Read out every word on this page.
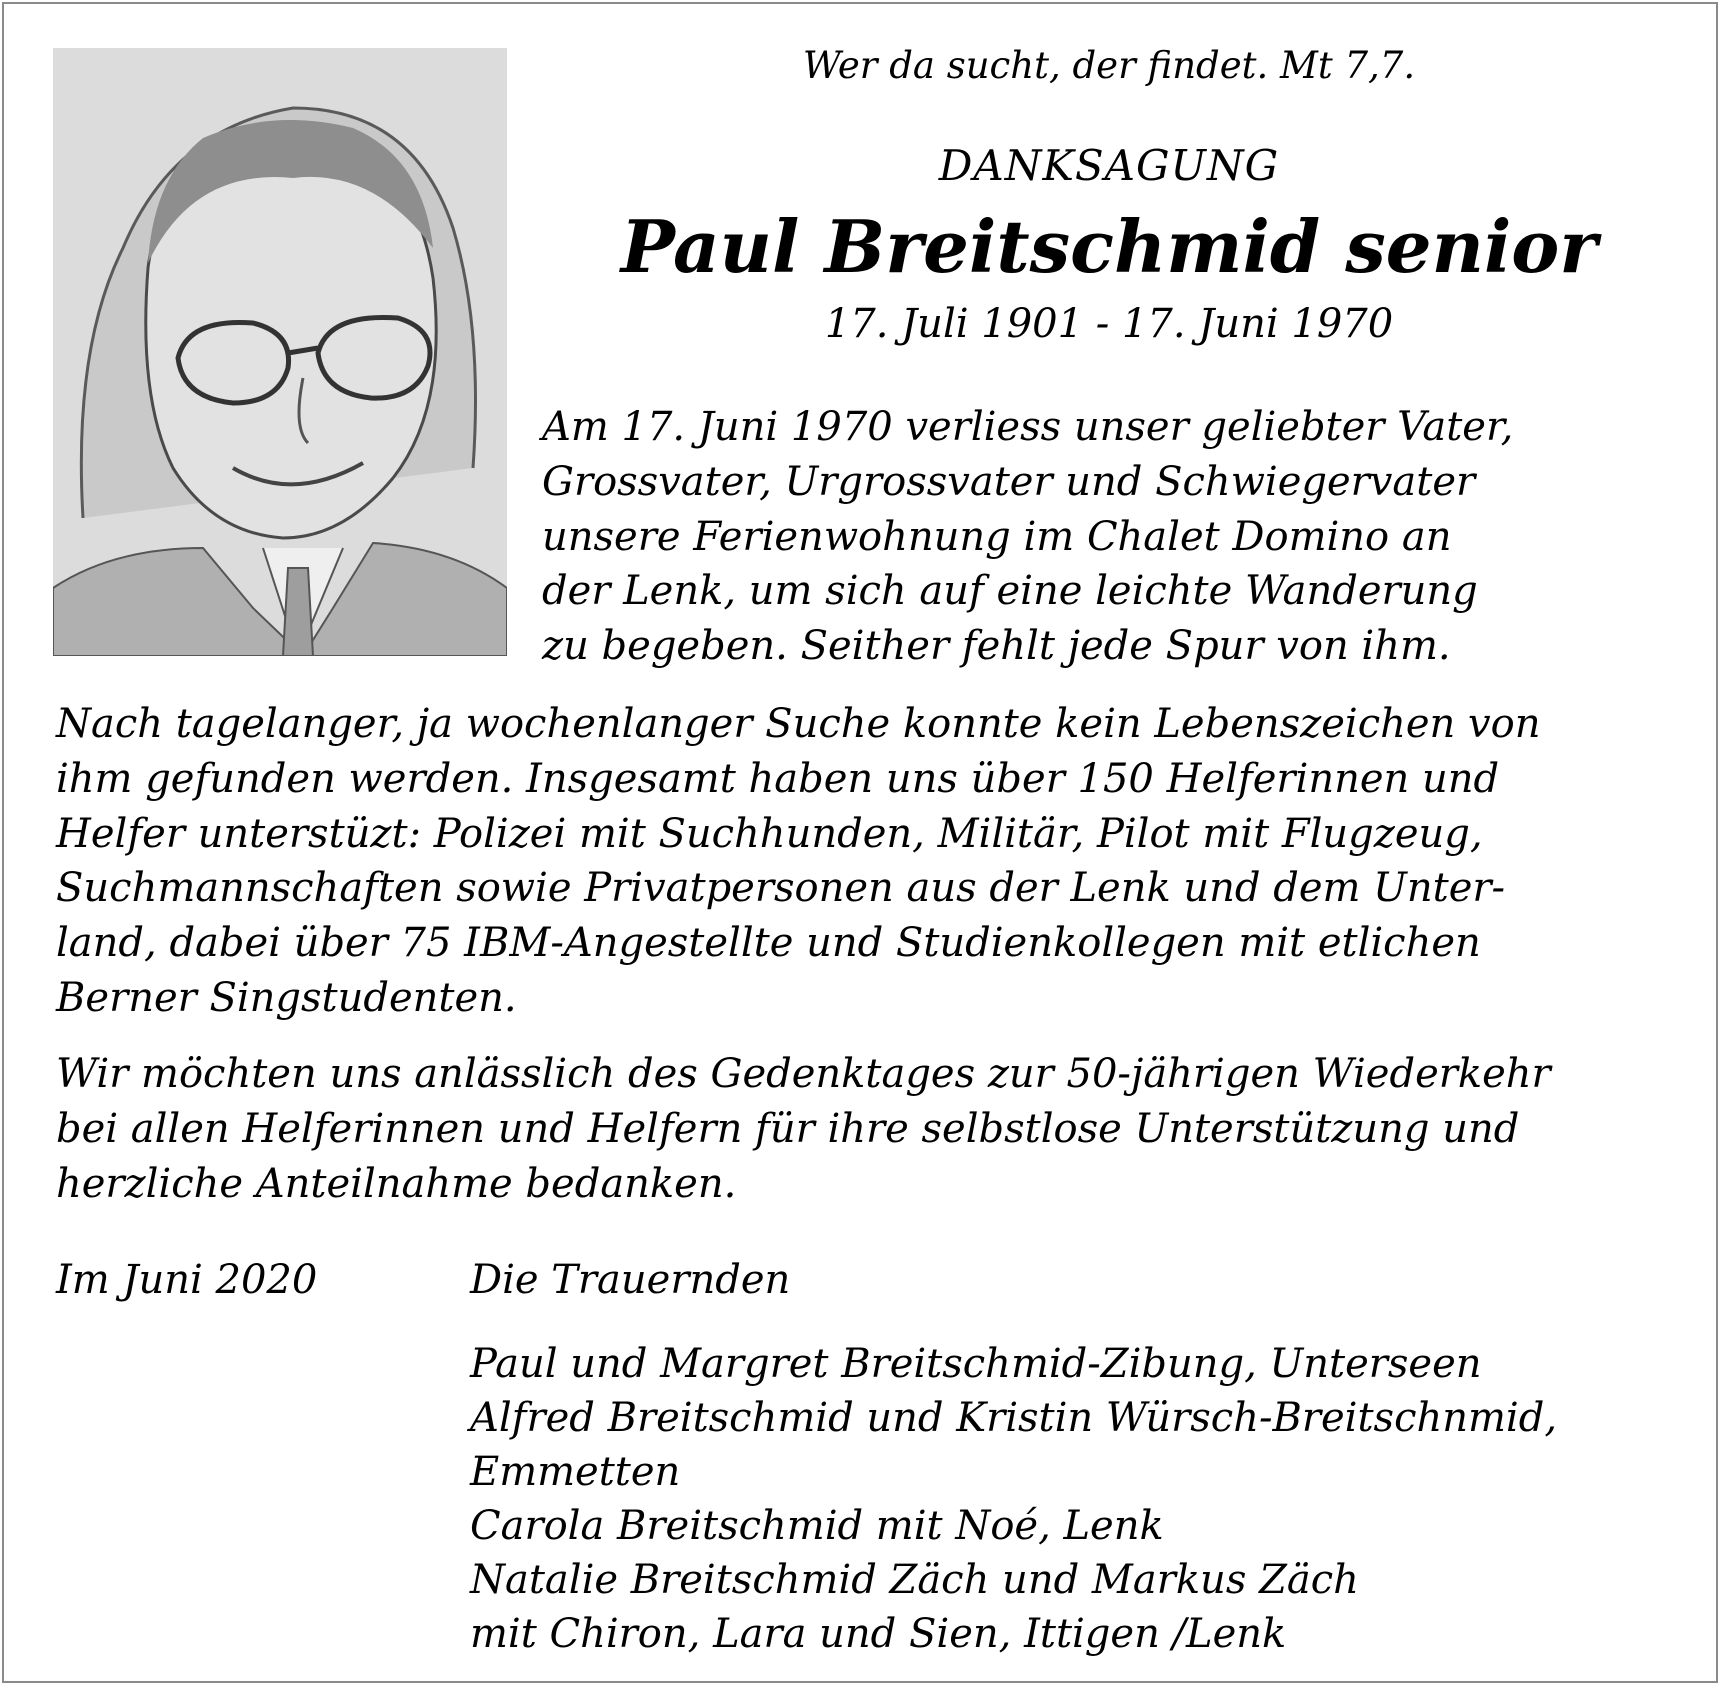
Wer da sucht, der findet. Mt 7,7.
DANKSAGUNG
Paul Breitschmid senior
17. Juli 1901 - 17. Juni 1970
Am 17. Juni 1970 verliess unser geliebter Vater,
Grossvater, Urgrossvater und Schwiegervater
unsere Ferienwohnung im Chalet Domino an
der Lenk, um sich auf eine leichte Wanderung
zu begeben. Seither fehlt jede Spur von ihm.
Nach tagelanger, ja wochenlanger Suche konnte kein Lebenszeichen von
ihm gefunden werden. Insgesamt haben uns über 150 Helferinnen und
Helfer unterstüzt: Polizei mit Suchhunden, Militär, Pilot mit Flugzeug,
Suchmannschaften sowie Privatpersonen aus der Lenk und dem Unter-
land, dabei über 75 IBM-Angestellte und Studienkollegen mit etlichen
Berner Singstudenten.
Wir möchten uns anlässlich des Gedenktages zur 50-jährigen Wiederkehr
bei allen Helferinnen und Helfern für ihre selbstlose Unterstützung und
herzliche Anteilnahme bedanken.
Im Juni 2020	Die Trauernden
Paul und Margret Breitschmid-Zibung, Unterseen
Alfred Breitschmid und Kristin Würsch-Breitschnmid,
Emmetten
Carola Breitschmid mit Noé, Lenk
Natalie Breitschmid Zäch und Markus Zäch
mit Chiron, Lara und Sien, Ittigen /Lenk
